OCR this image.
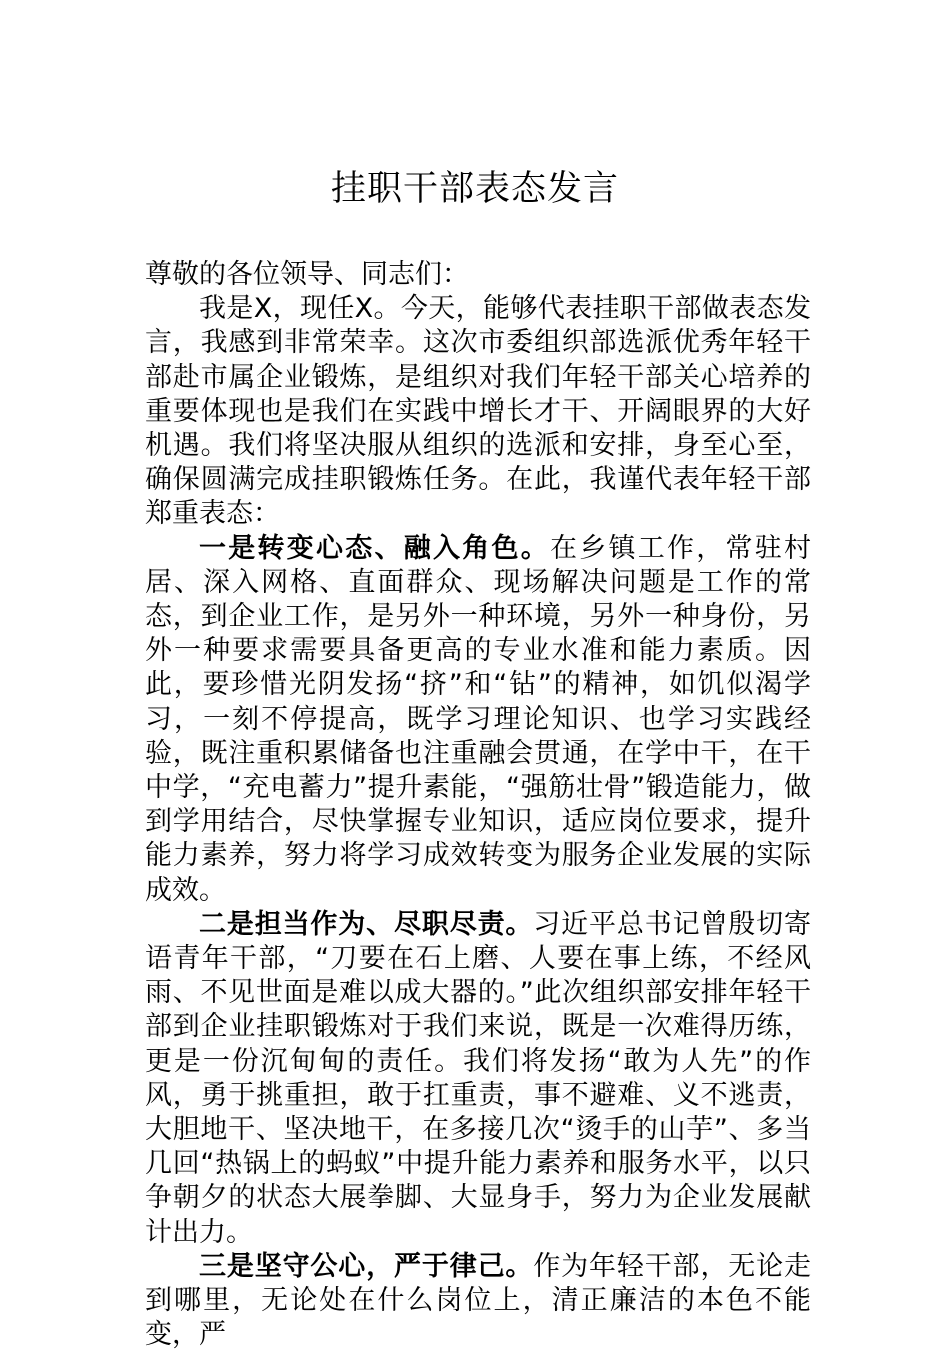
挂职干部表态发言

尊敬的各位领导、同志们：

我是X，现任X。今天，能够代表挂职干部做表态发言，我感到非常荣幸。这次市委组织部选派优秀年轻干部赴市属企业锻炼，是组织对我们年轻干部关心培养的重要体现也是我们在实践中增长才干、开阔眼界的大好机遇。我们将坚决服从组织的选派和安排，身至心至，确保圆满完成挂职锻炼任务。在此，我谨代表年轻干部郑重表态：

一是转变心态、融入角色。在乡镇工作，常驻村居、深入网格、直面群众、现场解决问题是工作的常态，到企业工作，是另外一种环境，另外一种身份，另外一种要求需要具备更高的专业水准和能力素质。因此，要珍惜光阴发扬“挤”和“钻”的精神，如饥似渴学习，一刻不停提高，既学习理论知识、也学习实践经验，既注重积累储备也注重融会贯通，在学中干，在干中学，“充电蓄力”提升素能，“强筋壮骨”锻造能力，做到学用结合，尽快掌握专业知识，适应岗位要求，提升能力素养，努力将学习成效转变为服务企业发展的实际成效。

二是担当作为、尽职尽责。习近平总书记曾殷切寄语青年干部，“刀要在石上磨、人要在事上练，不经风雨、不见世面是难以成大器的。”此次组织部安排年轻干部到企业挂职锻炼对于我们来说，既是一次难得历练，更是一份沉甸甸的责任。我们将发扬“敢为人先”的作风，勇于挑重担，敢于扛重责，事不避难、义不逃责，大胆地干、坚决地干，在多接几次“烫手的山芋”、多当几回“热锅上的蚂蚁”中提升能力素养和服务水平，以只争朝夕的状态大展拳脚、大显身手，努力为企业发展献计出力。

三是坚守公心，严于律己。作为年轻干部，无论走到哪里，无论处在什么岗位上，清正廉洁的本色不能变，严
